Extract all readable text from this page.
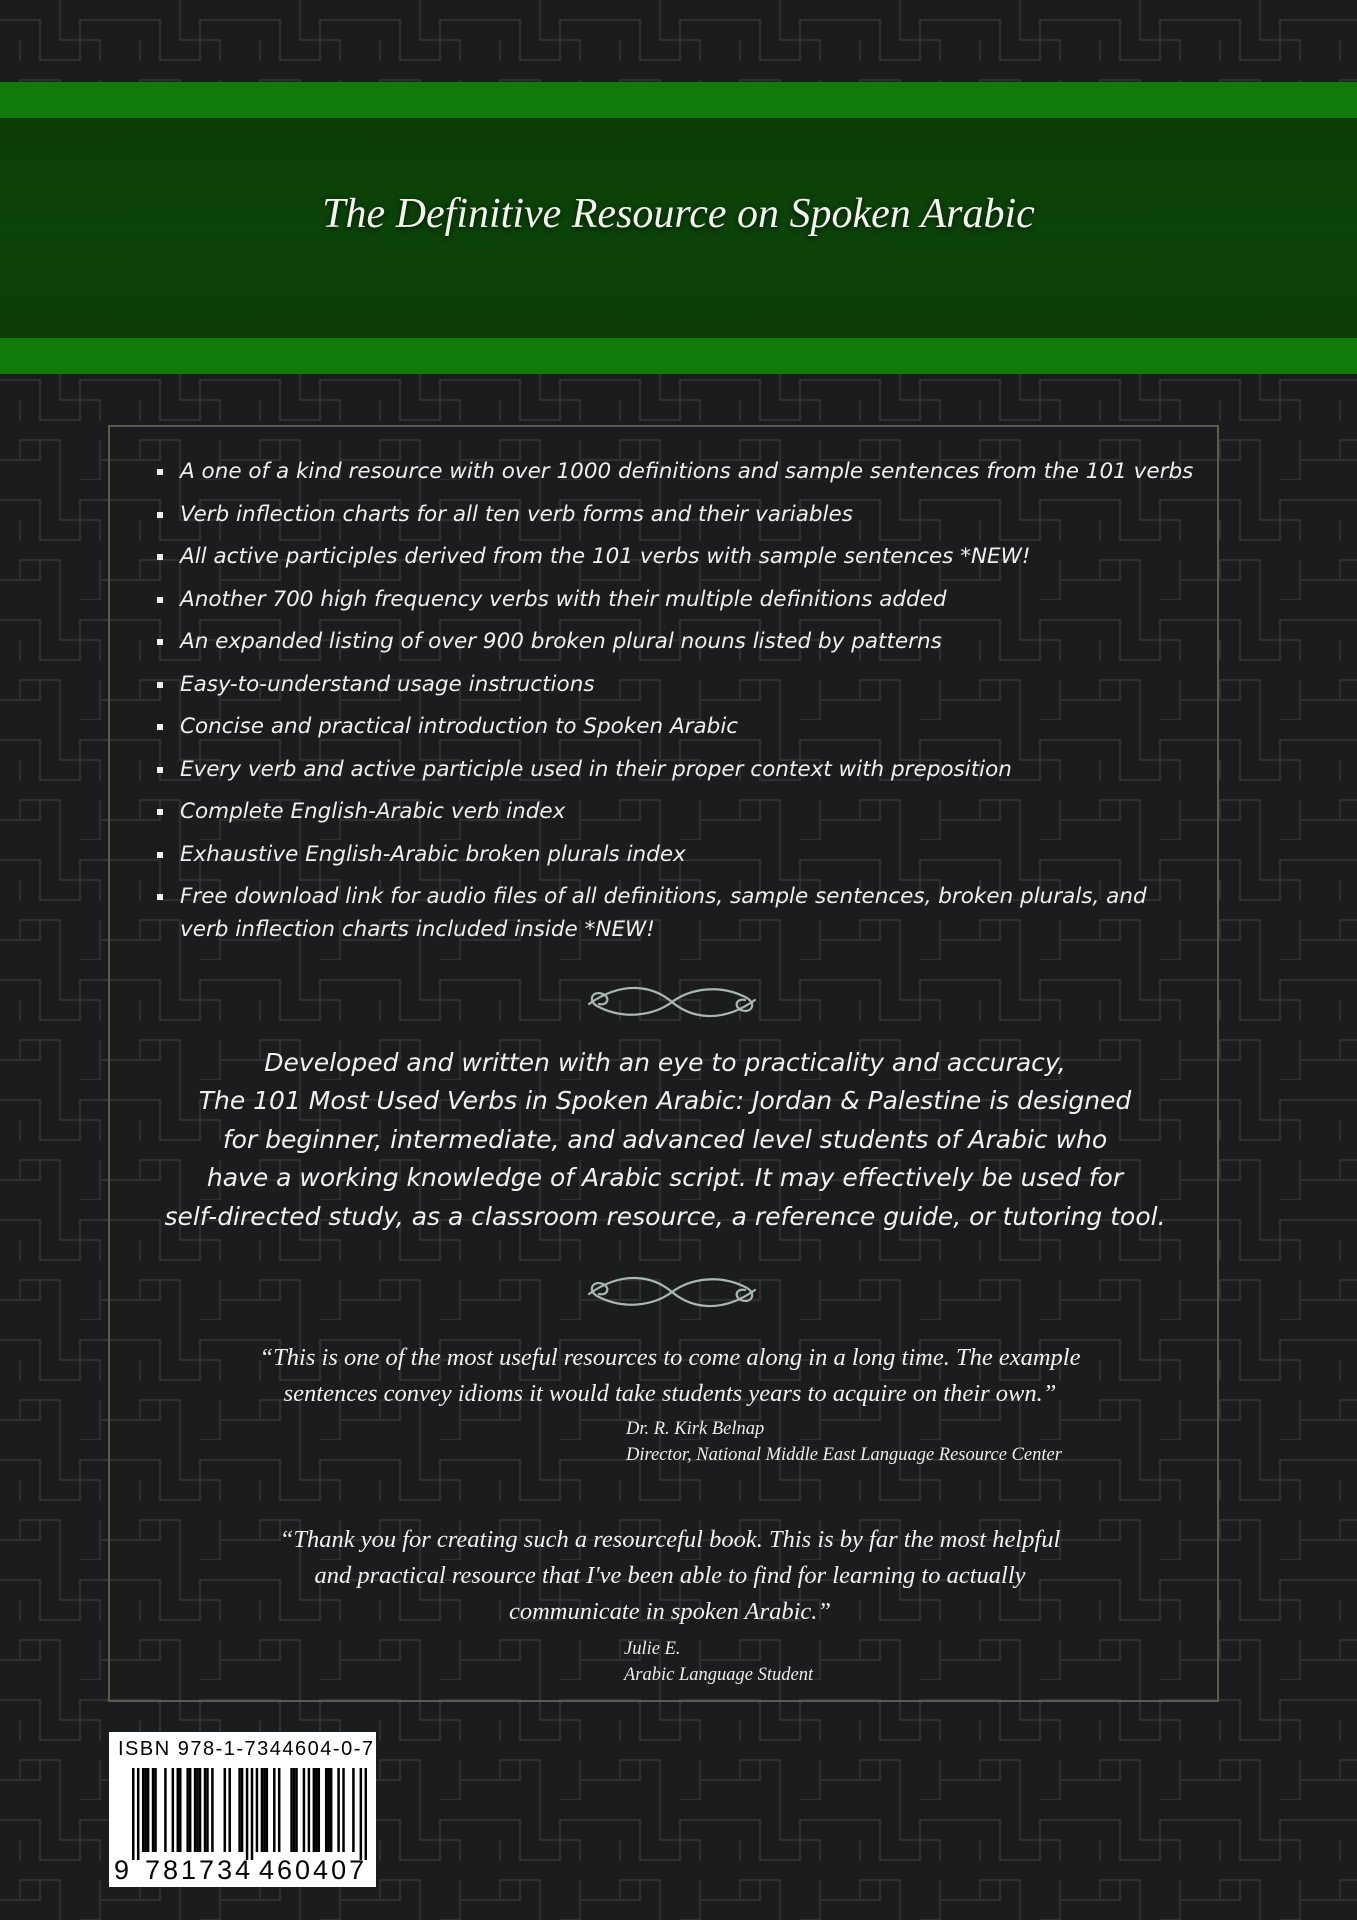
The Definitive Resource on Spoken Arabic
A one of a kind resource with over 1000 definitions and sample sentences from the 101 verbs
Verb inflection charts for all ten verb forms and their variables
All active participles derived from the 101 verbs with sample sentences *NEW!
Another 700 high frequency verbs with their multiple definitions added
An expanded listing of over 900 broken plural nouns listed by patterns
Easy-to-understand usage instructions
Concise and practical introduction to Spoken Arabic
Every verb and active participle used in their proper context with preposition
Complete English-Arabic verb index
Exhaustive English-Arabic broken plurals index
Free download link for audio files of all definitions, sample sentences, broken plurals, and verb inflection charts included inside *NEW!
Developed and written with an eye to practicality and accuracy,
The 101 Most Used Verbs in Spoken Arabic: Jordan & Palestine is designed
for beginner, intermediate, and advanced level students of Arabic who
have a working knowledge of Arabic script. It may effectively be used for
self-directed study, as a classroom resource, a reference guide, or tutoring tool.
“This is one of the most useful resources to come along in a long time. The example
sentences convey idioms it would take students years to acquire on their own.”
Dr. R. Kirk Belnap
Director, National Middle East Language Resource Center
“Thank you for creating such a resourceful book. This is by far the most helpful
and practical resource that I've been able to find for learning to actually
communicate in spoken Arabic.”
Julie E.
Arabic Language Student
ISBN 978-1-7344604-0-7
9 781734 460407
